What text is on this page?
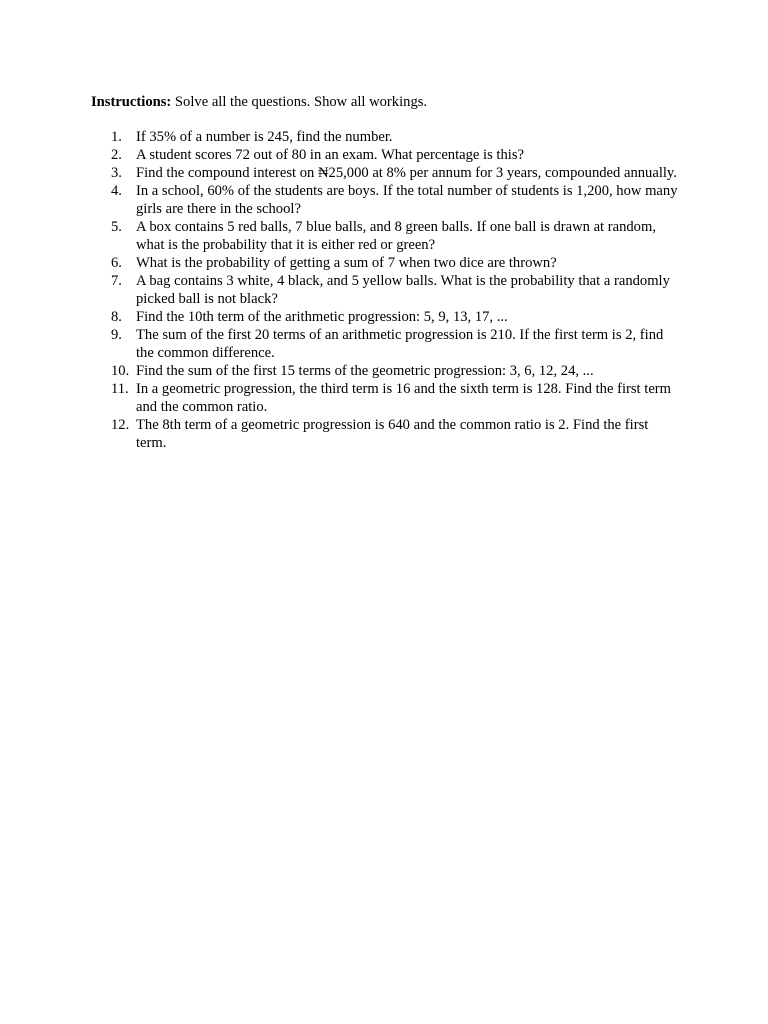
Instructions: Solve all the questions. Show all workings.

1. If 35% of a number is 245, find the number.
2. A student scores 72 out of 80 in an exam. What percentage is this?
3. Find the compound interest on ₦25,000 at 8% per annum for 3 years, compounded annually.
4. In a school, 60% of the students are boys. If the total number of students is 1,200, how many girls are there in the school?
5. A box contains 5 red balls, 7 blue balls, and 8 green balls. If one ball is drawn at random, what is the probability that it is either red or green?
6. What is the probability of getting a sum of 7 when two dice are thrown?
7. A bag contains 3 white, 4 black, and 5 yellow balls. What is the probability that a randomly picked ball is not black?
8. Find the 10th term of the arithmetic progression: 5, 9, 13, 17, ...
9. The sum of the first 20 terms of an arithmetic progression is 210. If the first term is 2, find the common difference.
10. Find the sum of the first 15 terms of the geometric progression: 3, 6, 12, 24, ...
11. In a geometric progression, the third term is 16 and the sixth term is 128. Find the first term and the common ratio.
12. The 8th term of a geometric progression is 640 and the common ratio is 2. Find the first term.
